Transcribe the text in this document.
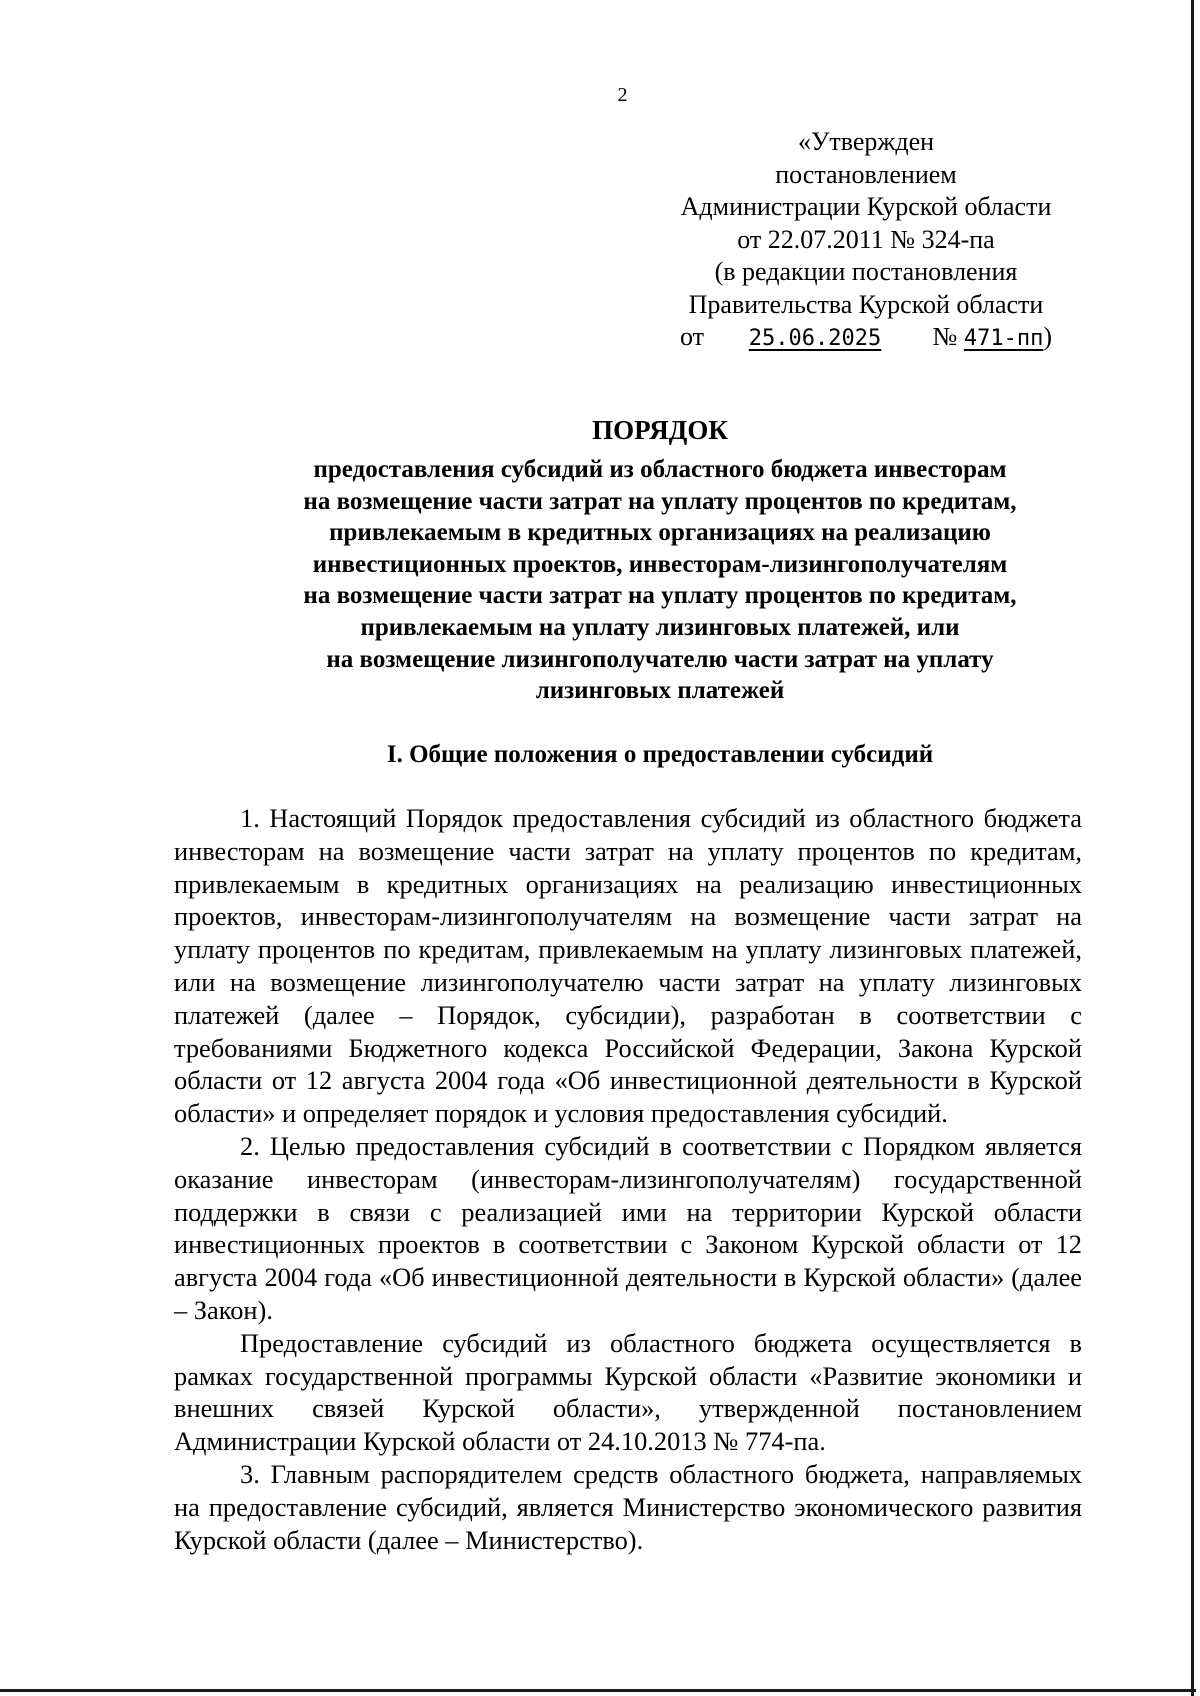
2
«Утвержден
постановлением
Администрации Курской области
от 22.07.2011 № 324-па
(в редакции постановления
Правительства Курской области
от 25.06.2025 № 471-пп)
ПОРЯДОК
предоставления субсидий из областного бюджета инвесторам
на возмещение части затрат на уплату процентов по кредитам,
привлекаемым в кредитных организациях на реализацию
инвестиционных проектов, инвесторам-лизингополучателям
на возмещение части затрат на уплату процентов по кредитам,
привлекаемым на уплату лизинговых платежей, или
на возмещение лизингополучателю части затрат на уплату
лизинговых платежей
I. Общие положения о предоставлении субсидий

1. Настоящий Порядок предоставления субсидий из областного бюджета инвесторам на возмещение части затрат на уплату процентов по кредитам, привлекаемым в кредитных организациях на реализацию инвестиционных проектов, инвесторам-лизингополучателям на возмещение части затрат на уплату процентов по кредитам, привлекаемым на уплату лизинговых платежей, или на возмещение лизингополучателю части затрат на уплату лизинговых платежей (далее – Порядок, субсидии), разработан в соответствии с требованиями Бюджетного кодекса Российской Федерации, Закона Курской области от 12 августа 2004 года «Об инвестиционной деятельности в Курской области» и определяет порядок и условия предоставления субсидий.

2. Целью предоставления субсидий в соответствии с Порядком является оказание инвесторам (инвесторам-лизингополучателям) государственной поддержки в связи с реализацией ими на территории Курской области инвестиционных проектов в соответствии с Законом Курской области от 12 августа 2004 года «Об инвестиционной деятельности в Курской области» (далее – Закон).

Предоставление субсидий из областного бюджета осуществляется в рамках государственной программы Курской области «Развитие экономики и внешних связей Курской области», утвержденной постановлением Администрации Курской области от 24.10.2013 № 774-па.

3. Главным распорядителем средств областного бюджета, направляемых на предоставление субсидий, является Министерство экономического развития Курской области (далее – Министерство).
